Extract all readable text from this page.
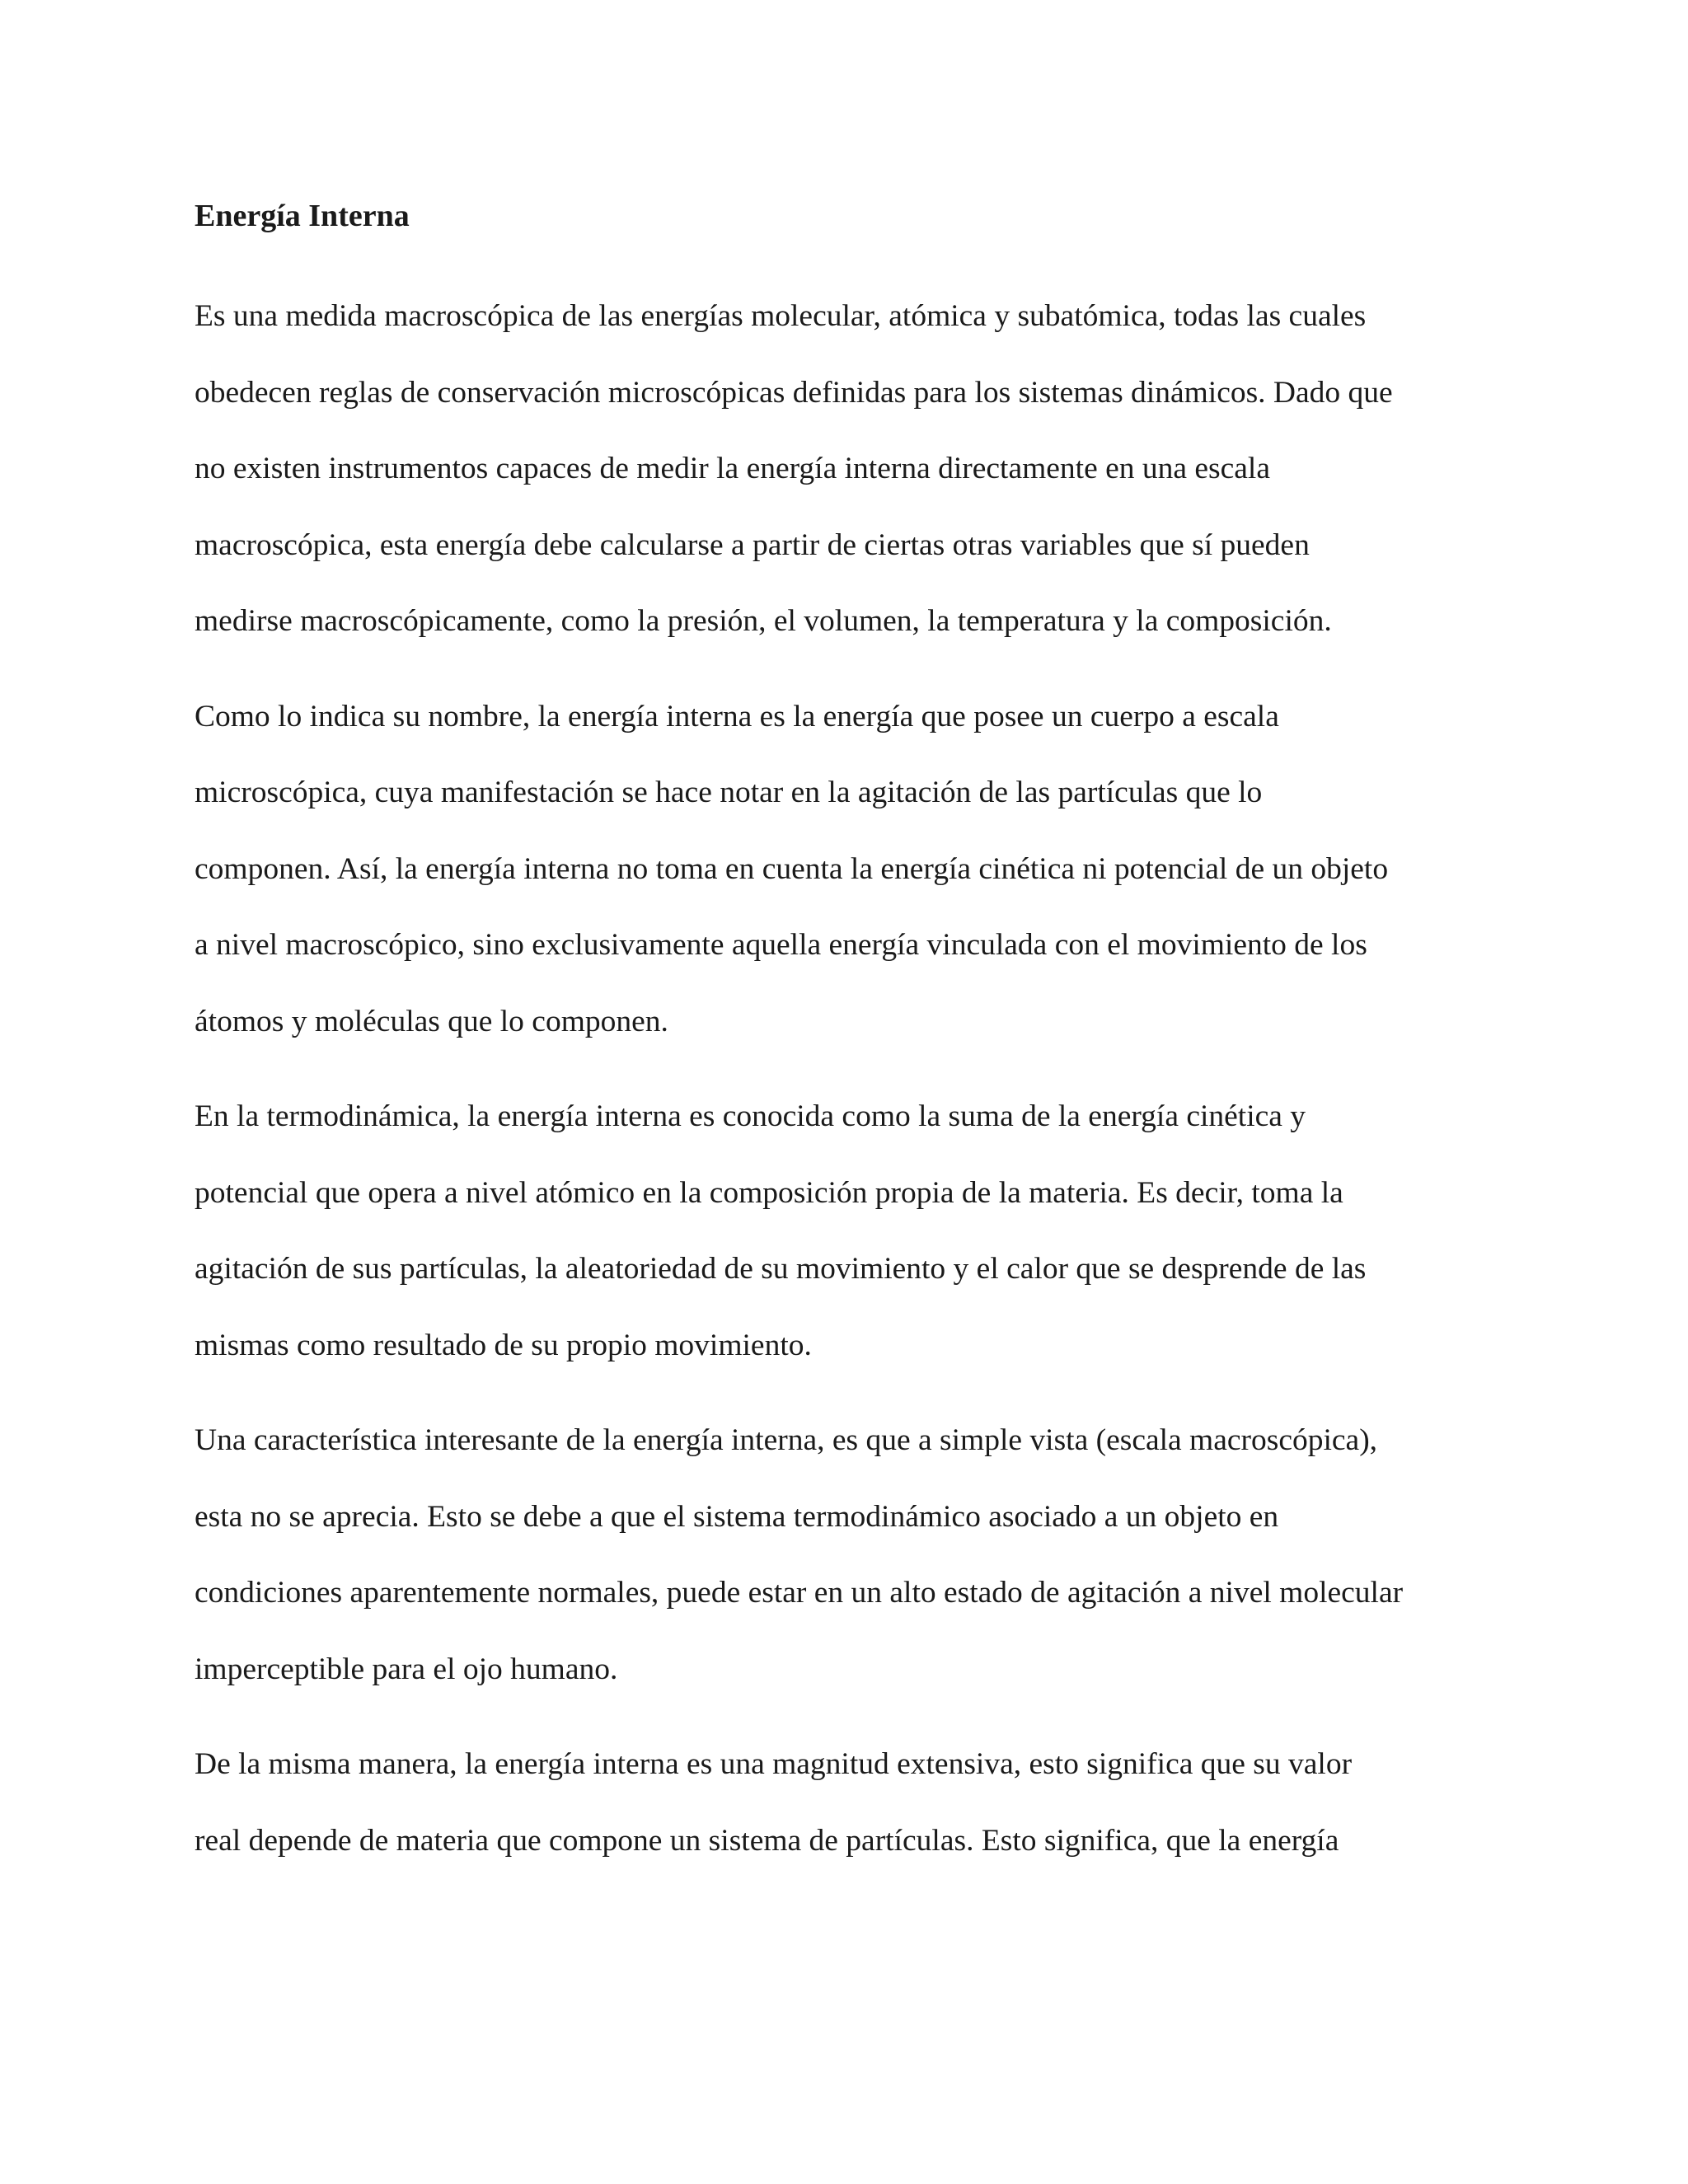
Energía Interna

Es una medida macroscópica de las energías molecular, atómica y subatómica, todas las cuales
obedecen reglas de conservación microscópicas definidas para los sistemas dinámicos. Dado que
no existen instrumentos capaces de medir la energía interna directamente en una escala
macroscópica, esta energía debe calcularse a partir de ciertas otras variables que sí pueden
medirse macroscópicamente, como la presión, el volumen, la temperatura y la composición.

Como lo indica su nombre, la energía interna es la energía que posee un cuerpo a escala
microscópica, cuya manifestación se hace notar en la agitación de las partículas que lo
componen. Así, la energía interna no toma en cuenta la energía cinética ni potencial de un objeto
a nivel macroscópico, sino exclusivamente aquella energía vinculada con el movimiento de los
átomos y moléculas que lo componen.

En la termodinámica, la energía interna es conocida como la suma de la energía cinética y
potencial que opera a nivel atómico en la composición propia de la materia. Es decir, toma la
agitación de sus partículas, la aleatoriedad de su movimiento y el calor que se desprende de las
mismas como resultado de su propio movimiento.

Una característica interesante de la energía interna, es que a simple vista (escala macroscópica),
esta no se aprecia. Esto se debe a que el sistema termodinámico asociado a un objeto en
condiciones aparentemente normales, puede estar en un alto estado de agitación a nivel molecular
imperceptible para el ojo humano.

De la misma manera, la energía interna es una magnitud extensiva, esto significa que su valor
real depende de materia que compone un sistema de partículas. Esto significa, que la energía
